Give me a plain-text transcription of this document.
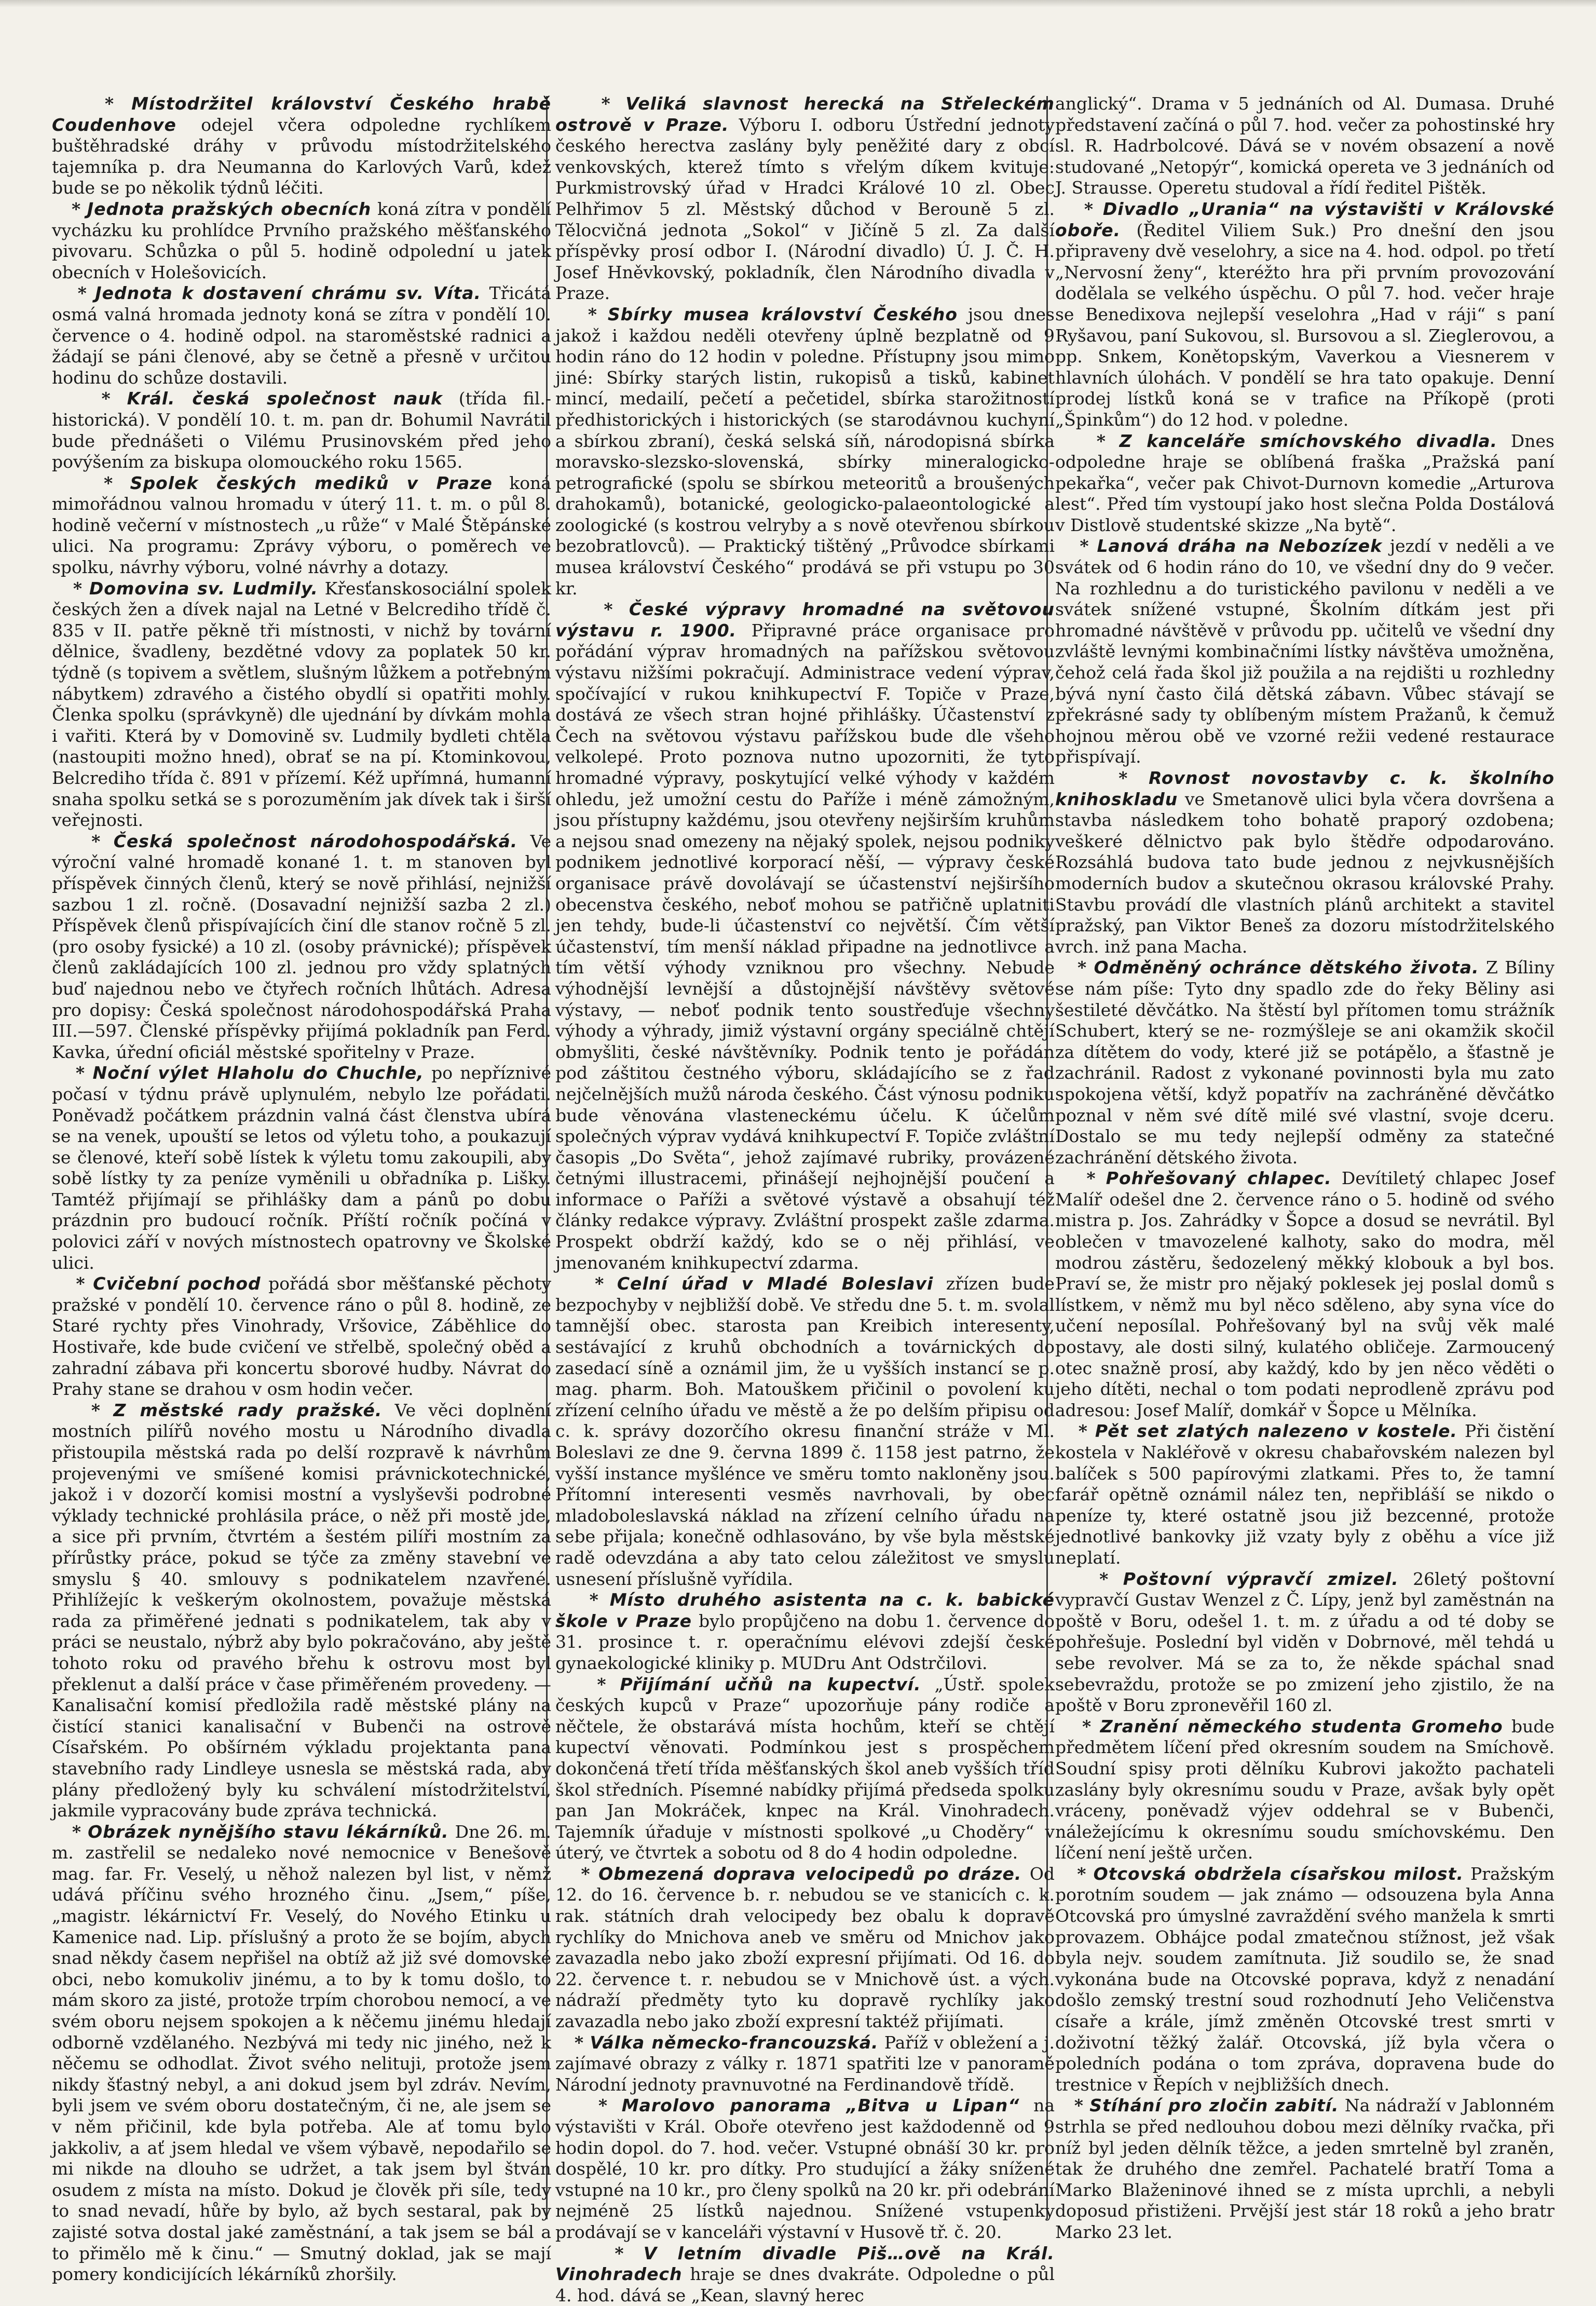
* Místodržitel království Českého hrabě Coudenhove odejel včera odpoledne rychlíkem buštěhradské dráhy v průvodu místodržitelského tajemníka p. dra Neumanna do Karlových Varů, kdež bude se po několik týdnů léčiti.

* Jednota pražských obecních koná zítra v pondělí vycházku ku prohlídce Prvního pražského měšťanského pivovaru. Schůzka o půl 5. hodině odpolední u jatek obecních v Holešovicích.

* Jednota k dostavení chrámu sv. Víta. Třicátá osmá valná hromada jednoty koná se zítra v pondělí 10. července o 4. hodině odpol. na staroměstské radnici a žádají se páni členové, aby se četně a přesně v určitou hodinu do schůze dostavili.

* Král. česká společnost nauk (třída fil.-historická). V pondělí 10. t. m. pan dr. Bohumil Navrátil bude přednášeti o Vilému Prusinovském před jeho povýšením za biskupa olomouckého roku 1565.

* Spolek českých mediků v Praze koná mimořádnou valnou hromadu v úterý 11. t. m. o půl 8. hodině večerní v místnostech „u růže“ v Malé Štěpánské ulici. Na programu: Zprávy výboru, o poměrech ve spolku, návrhy výboru, volné návrhy a dotazy.

* Domovina sv. Ludmily. Křesťanskosociální spolek českých žen a dívek najal na Letné v Belcrediho třídě č. 835 v II. patře pěkně tři místnosti, v nichž by tovární dělnice, švadleny, bezdětné vdovy za poplatek 50 kr. týdně (s topivem a světlem, slušným lůžkem a potřebným nábytkem) zdravého a čistého obydlí si opatřiti mohly. Členka spolku (správkyně) dle ujednání by dívkám mohla i vařiti. Která by v Domovině sv. Ludmily bydleti chtěla (nastoupiti možno hned), obrať se na pí. Ktominkovou, Belcrediho třída č. 891 v přízemí. Kéž upřímná, humanní snaha spolku setká se s porozuměním jak dívek tak i širší veřejnosti.

* Česká společnost národohospodářská. Ve výroční valné hromadě konané 1. t. m stanoven byl příspěvek činných členů, který se nově přihlásí, nejnižší sazbou 1 zl. ročně. (Dosavadní nejnižší sazba 2 zl.) Příspěvek členů přispívajících činí dle stanov ročně 5 zl. (pro osoby fysické) a 10 zl. (osoby právnické); příspěvek členů zakládajících 100 zl. jednou pro vždy splatných buď najednou nebo ve čtyřech ročních lhůtách. Adresa pro dopisy: Česká společnost národohospodářská Praha III.—597. Členské příspěvky přijímá pokladník pan Ferd. Kavka, úřední oficiál městské spořitelny v Praze.

* Noční výlet Hlaholu do Chuchle, po nepříznivé počasí v týdnu právě uplynulém, nebylo lze pořádati. Poněvadž počátkem prázdnin valná část členstva ubírá se na venek, upouští se letos od výletu toho, a poukazují se členové, kteří sobě lístek k výletu tomu zakoupili, aby sobě lístky ty za peníze vyměnili u obřadníka p. Lišky. Tamtéž přijímají se přihlášky dam a pánů po dobu prázdnin pro budoucí ročník. Příští ročník počíná v polovici září v nových místnostech opatrovny ve Školské ulici.

* Cvičební pochod pořádá sbor měšťanské pěchoty pražské v pondělí 10. července ráno o půl 8. hodině, ze Staré rychty přes Vinohrady, Vršovice, Záběhlice do Hostivaře, kde bude cvičení ve střelbě, společný oběd a zahradní zábava při koncertu sborové hudby. Návrat do Prahy stane se drahou v osm hodin večer.

* Z městské rady pražské. Ve věci doplnění mostních pilířů nového mostu u Národního divadla přistoupila městská rada po delší rozpravě k návrhům projevenými ve smíšené komisi právnickotechnické, jakož i v dozorčí komisi mostní a vyslyševši podrobné výklady technické prohlásila práce, o něž při mostě jde, a sice při prvním, čtvrtém a šestém pilíři mostním za přírůstky práce, pokud se týče za změny stavební ve smyslu § 40. smlouvy s podnikatelem nzavřené. Přihlížejíc k veškerým okolnostem, považuje městská rada za přiměřené jednati s podnikatelem, tak aby v práci se neustalo, nýbrž aby bylo pokračováno, aby ještě tohoto roku od pravého břehu k ostrovu most byl překlenut a další práce v čase přiměřeném provedeny. — Kanalisační komisí předložila radě městské plány na čistící stanici kanalisační v Bubenči na ostrově Císařském. Po obšírném výkladu projektanta pana stavebního rady Lindleye usnesla se městská rada, aby plány předložený byly ku schválení místodržitelství, jakmile vypracovány bude zpráva technická.

* Obrázek nynějšího stavu lékárníků. Dne 26. m. m. zastřelil se nedaleko nové nemocnice v Benešově mag. far. Fr. Veselý, u něhož nalezen byl list, v němž udává příčinu svého hrozného činu. „Jsem,“ píše, „magistr. lékárnictví Fr. Veselý, do Nového Etinku u Kamenice nad. Lip. příslušný a proto že se bojím, abych snad někdy časem nepřišel na obtíž až již své domovské obci, nebo komukoliv jinému, a to by k tomu došlo, to mám skoro za jisté, protože trpím chorobou nemocí, a ve svém oboru nejsem spokojen a k něčemu jinému hledají odborně vzdělaného. Nezbývá mi tedy nic jiného, než k něčemu se odhodlat. Život svého nelituji, protože jsem nikdy šťastný nebyl, a ani dokud jsem byl zdráv. Nevím, byli jsem ve svém oboru dostatečným, či ne, ale jsem se v něm přičinil, kde byla potřeba. Ale ať tomu bylo jakkoliv, a ať jsem hledal ve všem výbavě, nepodařilo se mi nikde na dlouho se udržet, a tak jsem byl štván osudem z místa na místo. Dokud je člověk při síle, tedy to snad nevadí, hůře by bylo, až bych sestaral, pak by zajisté sotva dostal jaké zaměstnání, a tak jsem se bál a to přimělo mě k činu.“ — Smutný doklad, jak se mají pomery kondicijících lékárníků zhoršily.

* Veliká slavnost herecká na Střeleckém ostrově v Praze. Výboru I. odboru Ústřední jednoty českého herectva zaslány byly peněžité dary z obcí venkovských, kterež tímto s vřelým díkem kvituje: Purkmistrovský úřad v Hradci Králové 10 zl. Obec Pelhřimov 5 zl. Městský důchod v Berouně 5 zl. Tělocvičná jednota „Sokol“ v Jičíně 5 zl. Za další příspěvky prosí odbor I. (Národní divadlo) Ú. J. Č. H. Josef Hněvkovský, pokladník, člen Národního divadla v Praze.

* Sbírky musea království Českého jsou dnes jakož i každou neděli otevřeny úplně bezplatně od 9 hodin ráno do 12 hodin v poledne. Přístupny jsou mimo jiné: Sbírky starých listin, rukopisů a tisků, kabinet mincí, medailí, pečetí a pečetidel, sbírka starožitností předhistorických i historických (se starodávnou kuchyní a sbírkou zbraní), česká selská síň, národopisná sbírka moravsko-slezsko-slovenská, sbírky mineralogicko-petrografické (spolu se sbírkou meteoritů a broušených drahokamů), botanické, geologicko-palaeontologické a zoologické (s kostrou velryby a s nově otevřenou sbírkou bezobratlovců). — Praktický tištěný „Průvodce sbírkami musea království Českého“ prodává se při vstupu po 30 kr.

* České výpravy hromadné na světovou výstavu r. 1900. Připravné práce organisace pro pořádání výprav hromadných na pařížskou světovou výstavu nižšími pokračují. Administrace vedení výprav, spočívající v rukou knihkupectví F. Topiče v Praze, dostává ze všech stran hojné přihlášky. Účastenství z Čech na světovou výstavu pařížskou bude dle všeho velkolepé. Proto poznova nutno upozorniti, že tyto hromadné výpravy, poskytující velké výhody v každém ohledu, jež umožní cestu do Paříže i méně zámožným, jsou přístupny každému, jsou otevřeny nejširším kruhům a nejsou snad omezeny na nějaký spolek, nejsou podniky podnikem jednotlivé korporací něší, — výpravy české organisace právě dovolávají se účastenství nejširšího obecenstva českého, neboť mohou se patřičně uplatniti jen tehdy, bude-li účastenství co největší. Čím větší účastenství, tím menší náklad připadne na jednotlivce a tím větší výhody vzniknou pro všechny. Nebude výhodnější levnější a důstojnější návštěvy světové výstavy, — neboť podnik tento soustřeďuje všechny výhody a výhrady, jimiž výstavní orgány speciálně chtějí obmyšliti, české návštěvníky. Podnik tento je pořádán pod záštitou čestného výboru, skládajícího se z řad nejčelnějších mužů národa českého. Část výnosu podniku bude věnována vlasteneckému účelu. K účelům společných výprav vydává knihkupectví F. Topiče zvláštní časopis „Do Světa“, jehož zajímavé rubriky, provázené četnými illustracemi, přinášejí nejhojnější poučení a informace o Paříži a světové výstavě a obsahují též články redakce výpravy. Zvláštní prospekt zašle zdarma. Prospekt obdrží každý, kdo se o něj přihlásí, ve jmenovaném knihkupectví zdarma.

* Celní úřad v Mladé Boleslavi zřízen bude bezpochyby v nejbližší době. Ve středu dne 5. t. m. svolal tamnější obec. starosta pan Kreibich interesenty, sestávající z kruhů obchodních a továrnických do zasedací síně a oznámil jim, že u vyšších instancí se p. mag. pharm. Boh. Matouškem přičinil o povolení ku zřízení celního úřadu ve městě a že po delším připisu od c. k. správy dozorčího okresu finanční stráže v Ml. Boleslavi ze dne 9. června 1899 č. 1158 jest patrno, že vyšší instance myšlénce ve směru tomto nakloněny jsou. Přítomní interesenti vesměs navrhovali, by obec mladoboleslavská náklad na zřízení celního úřadu na sebe přijala; konečně odhlasováno, by vše byla městské radě odevzdána a aby tato celou záležitost ve smyslu usnesení příslušně vyřídila.

* Místo druhého asistenta na c. k. babické škole v Praze bylo propůjčeno na dobu 1. července do 31. prosince t. r. operačnímu elévovi zdejší české gynaekologické kliniky p. MUDru Ant Odstrčilovi.

* Přijímání učňů na kupectví. „Ústř. spolek českých kupců v Praze“ upozorňuje pány rodiče a něčtele, že obstarává místa hochům, kteří se chtějí kupectví věnovati. Podmínkou jest s prospěchem dokončená třetí třída měšťanských škol aneb vyšších tříd škol středních. Písemné nabídky přijímá předseda spolku pan Jan Mokráček, knpec na Král. Vinohradech. Tajemník úřaduje v místnosti spolkové „u Choděry“ v úterý, ve čtvrtek a sobotu od 8 do 4 hodin odpoledne.

* Obmezená doprava velocipedů po dráze. Od 12. do 16. července b. r. nebudou se ve stanicích c. k. rak. státních drah velocipedy bez obalu k dopravě rychlíky do Mnichova aneb ve směru od Mnichov jako zavazadla nebo jako zboží expresní přijímati. Od 16. do 22. července t. r. nebudou se v Mnichově úst. a vých. nádraží předměty tyto ku dopravě rychlíky jako zavazadla nebo jako zboží expresní taktéž přijímati.

* Válka německo-francouzská. Paříž v obležení a j. zajímavé obrazy z války r. 1871 spatřiti lze v panoramě Národní jednoty pravnuvotné na Ferdinandově třídě.

* Marolovo panorama „Bitva u Lipan“ na výstavišti v Král. Oboře otevřeno jest každodenně od 9 hodin dopol. do 7. hod. večer. Vstupné obnáší 30 kr. pro dospělé, 10 kr. pro dítky. Pro studující a žáky snížené vstupné na 10 kr., pro členy spolků na 20 kr. při odebrání nejméně 25 lístků najednou. Snížené vstupenky prodávají se v kanceláři výstavní v Husově tř. č. 20.

* V letním divadle Piš…ově na Král. Vinohradech hraje se dnes dvakráte. Odpoledne o půl 4. hod. dává se „Kean, slavný herec

anglický“. Drama v 5 jednáních od Al. Dumasa. Druhé představení začíná o půl 7. hod. večer za pohostinské hry sl. R. Hadrbolcové. Dává se v novém obsazení a nově studované „Netopýr“, komická opereta ve 3 jednáních od J. Strausse. Operetu studoval a řídí ředitel Pištěk.

* Divadlo „Urania“ na výstavišti v Královské oboře. (Ředitel Viliem Suk.) Pro dnešní den jsou připraveny dvě veselohry, a sice na 4. hod. odpol. po třetí „Nervosní ženy“, kteréžto hra při prvním provozování dodělala se velkého úspěchu. O půl 7. hod. večer hraje se Benedixova nejlepší veselohra „Had v ráji“ s paní Ryšavou, paní Sukovou, sl. Bursovou a sl. Zieglerovou, a pp. Snkem, Konětopským, Vaverkou a Viesnerem v hlavních úlohách. V pondělí se hra tato opakuje. Denní prodej lístků koná se v trafice na Příkopě (proti „Špinkům“) do 12 hod. v poledne.

* Z kanceláře smíchovského divadla. Dnes odpoledne hraje se oblíbená fraška „Pražská paní pekařka“, večer pak Chivot-Durnovn komedie „Arturova lest“. Před tím vystoupí jako host slečna Polda Dostálová v Distlově studentské skizze „Na bytě“.

* Lanová dráha na Nebozízek jezdí v neděli a ve svátek od 6 hodin ráno do 10, ve všední dny do 9 večer. Na rozhlednu a do turistického pavilonu v neděli a ve svátek snížené vstupné, Školním dítkám jest při hromadné návštěvě v průvodu pp. učitelů ve všední dny zvláště levnými kombinačními lístky návštěva umožněna, čehož celá řada škol již použila a na rejdišti u rozhledny bývá nyní často čilá dětská zábavn. Vůbec stávají se překrásné sady ty oblíbeným místem Pražanů, k čemuž hojnou měrou obě ve vzorné režii vedené restaurace přispívají.

* Rovnost novostavby c. k. školního knihoskladu ve Smetanově ulici byla včera dovršena a stavba následkem toho bohatě praporý ozdobena; veškeré dělnictvo pak bylo štědře odpodarováno. Rozsáhlá budova tato bude jednou z nejvkusnějších moderních budov a skutečnou okrasou královské Prahy. Stavbu provádí dle vlastních plánů architekt a stavitel pražský, pan Viktor Beneš za dozoru místodržitelského vrch. inž pana Macha.

* Odměněný ochránce dětského života. Z Bíliny se nám píše: Tyto dny spadlo zde do řeky Běliny asi šestileté děvčátko. Na štěstí byl přítomen tomu strážník Schubert, který se ne- rozmýšleje se ani okamžik skočil za dítětem do vody, které již se potápělo, a šťastně je zachránil. Radost z vykonané povinnosti byla mu zato spokojena větší, když popatřív na zachráněné děvčátko poznal v něm své dítě milé své vlastní, svoje dceru. Dostalo se mu tedy nejlepší odměny za statečné zachránění dětského života.

* Pohřešovaný chlapec. Devítiletý chlapec Josef Malíř odešel dne 2. července ráno o 5. hodině od svého mistra p. Jos. Zahrádky v Šopce a dosud se nevrátil. Byl oblečen v tmavozelené kalhoty, sako do modra, měl modrou zástěru, šedozelený měkký klobouk a byl bos. Praví se, že mistr pro nějaký poklesek jej poslal domů s lístkem, v němž mu byl něco sděleno, aby syna více do učení neposílal. Pohřešovaný byl na svůj věk malé postavy, ale dosti silný, kulatého obličeje. Zarmoucený otec snažně prosí, aby každý, kdo by jen něco věděti o jeho dítěti, nechal o tom podati neprodleně zprávu pod adresou: Josef Malíř, domkář v Šopce u Mělníka.

* Pět set zlatých nalezeno v kostele. Při čistění kostela v Nakléřově v okresu chabařovském nalezen byl balíček s 500 papírovými zlatkami. Přes to, že tamní farář opětně oznámil nález ten, nepřibláší se nikdo o peníze ty, které ostatně jsou již bezcenné, protože jednotlivé bankovky již vzaty byly z oběhu a více již neplatí.

* Poštovní výpravčí zmizel. 26letý poštovní vypravčí Gustav Wenzel z Č. Lípy, jenž byl zaměstnán na poště v Boru, odešel 1. t. m. z úřadu a od té doby se pohřešuje. Poslední byl viděn v Dobrnové, měl tehdá u sebe revolver. Má se za to, že někde spáchal snad sebevraždu, protože se po zmizení jeho zjistilo, že na poště v Boru zpronevěřil 160 zl.

* Zranění německého studenta Gromeho bude předmětem líčení před okresním soudem na Smíchově. Soudní spisy proti dělníku Kubrovi jakožto pachateli zaslány byly okresnímu soudu v Praze, avšak byly opět vráceny, poněvadž výjev oddehral se v Bubenči, náležejícímu k okresnímu soudu smíchovskému. Den líčení není ještě určen.

* Otcovská obdržela císařskou milost. Pražským porotním soudem — jak známo — odsouzena byla Anna Otcovská pro úmyslné zavraždění svého manžela k smrti provazem. Obhájce podal zmatečnou stížnost, jež však byla nejv. soudem zamítnuta. Již soudilo se, že snad vykonána bude na Otcovské poprava, když z nenadání došlo zemský trestní soud rozhodnutí Jeho Veličenstva císaře a krále, jímž změněn Otcovské trest smrti v doživotní těžký žalář. Otcovská, jíž byla včera o poledních podána o tom zpráva, dopravena bude do trestnice v Řepích v nejbližších dnech.

* Stíhání pro zločin zabití. Na nádraží v Jablonném strhla se před nedlouhou dobou mezi dělníky rvačka, při níž byl jeden dělník těžce, a jeden smrtelně byl zraněn, tak že druhého dne zemřel. Pachatelé bratří Toma a Marko Blaženinové ihned se z místa uprchli, a nebyli doposud přistiženi. Prvější jest stár 18 roků a jeho bratr Marko 23 let.
